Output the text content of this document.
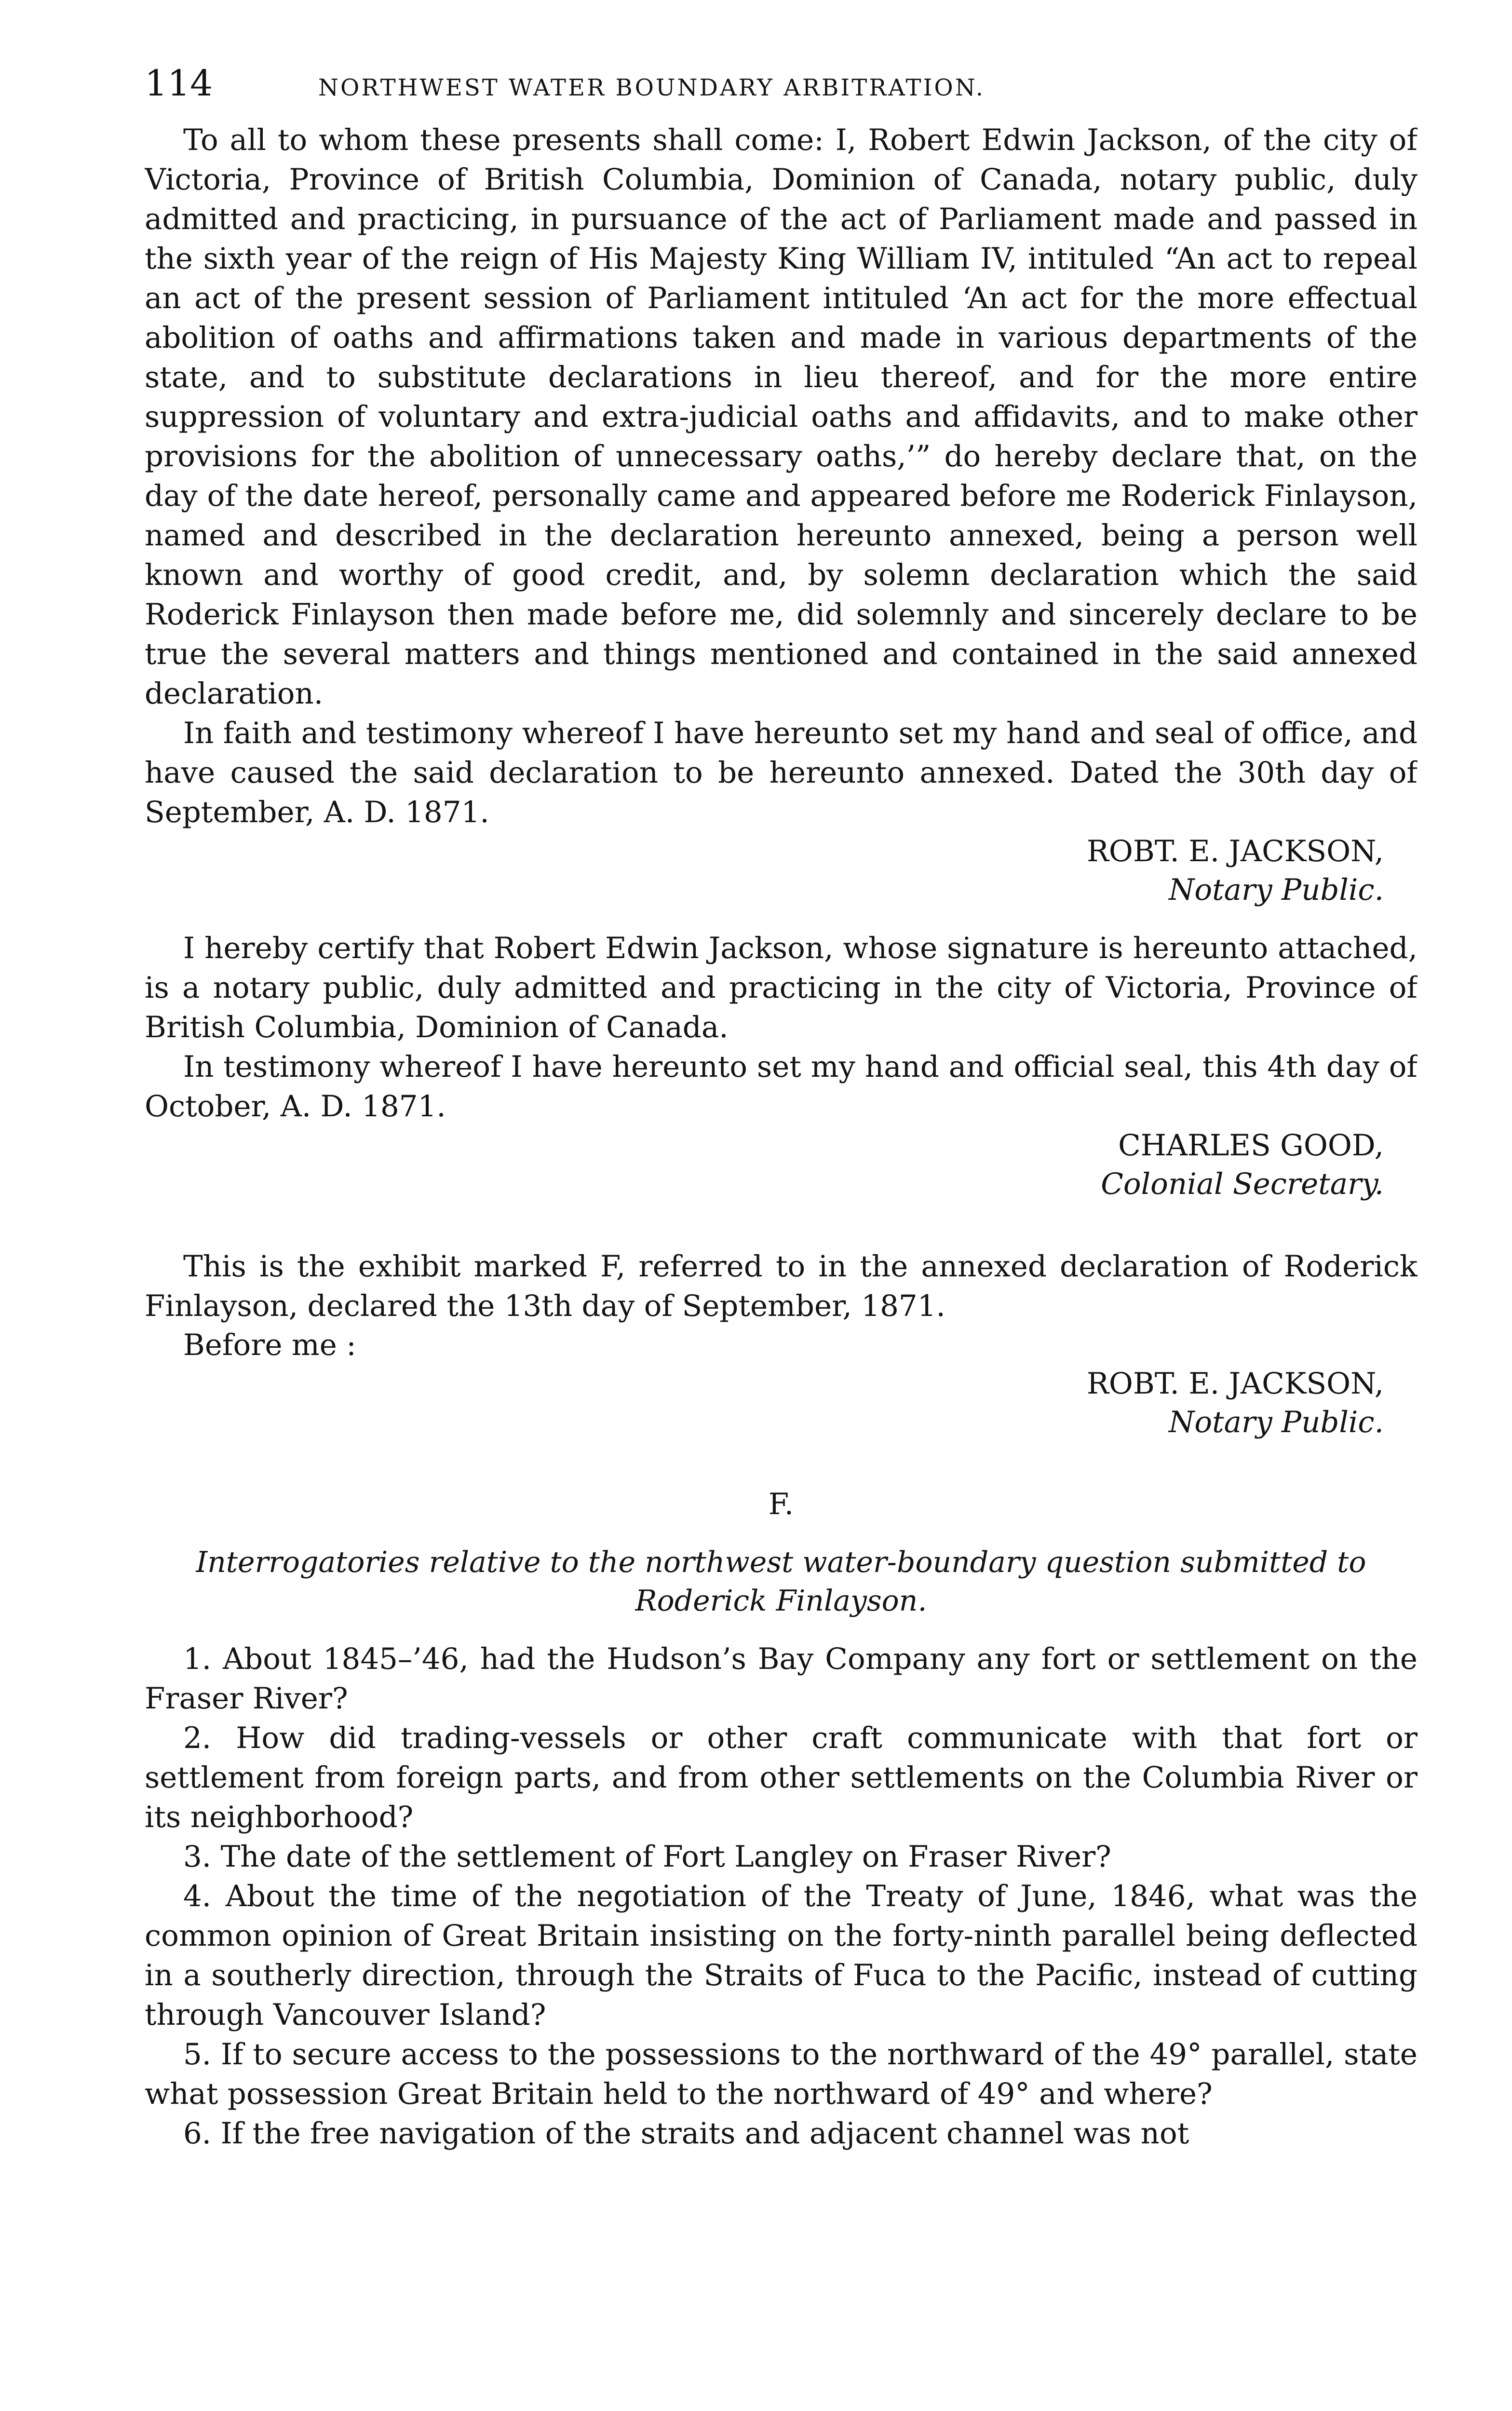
114	NORTHWEST WATER BOUNDARY ARBITRATION.

To all to whom these presents shall come: I, Robert Edwin Jackson, of the city of Victoria, Province of British Columbia, Dominion of Canada, notary public, duly admitted and practicing, in pursuance of the act of Parliament made and passed in the sixth year of the reign of His Majesty King William IV, intituled “An act to repeal an act of the present session of Parliament intituled ‘An act for the more effectual abolition of oaths and affirmations taken and made in various departments of the state, and to substitute declarations in lieu thereof, and for the more entire suppression of voluntary and extra-judicial oaths and affidavits, and to make other provisions for the abolition of unnecessary oaths,’” do hereby declare that, on the day of the date hereof, personally came and appeared before me Roderick Finlayson, named and described in the declaration hereunto annexed, being a person well known and worthy of good credit, and, by solemn declaration which the said Roderick Finlayson then made before me, did solemnly and sincerely declare to be true the several matters and things mentioned and contained in the said annexed declaration.

In faith and testimony whereof I have hereunto set my hand and seal of office, and have caused the said declaration to be hereunto annexed. Dated the 30th day of September, A. D. 1871.

ROBT. E. JACKSON,

Notary Public.

I hereby certify that Robert Edwin Jackson, whose signature is hereunto attached, is a notary public, duly admitted and practicing in the city of Victoria, Province of British Columbia, Dominion of Canada.

In testimony whereof I have hereunto set my hand and official seal, this 4th day of October, A. D. 1871.

CHARLES GOOD,

Colonial Secretary.

This is the exhibit marked F, referred to in the annexed declaration of Roderick Finlayson, declared the 13th day of September, 1871.

Before me :

ROBT. E. JACKSON,

Notary Public.

F.

Interrogatories relative to the northwest water-boundary question submitted to Roderick Finlayson.

1. About 1845–’46, had the Hudson’s Bay Company any fort or settlement on the Fraser River?

2. How did trading-vessels or other craft communicate with that fort or settlement from foreign parts, and from other settlements on the Columbia River or its neighborhood?

3. The date of the settlement of Fort Langley on Fraser River?

4. About the time of the negotiation of the Treaty of June, 1846, what was the common opinion of Great Britain insisting on the forty-ninth parallel being deflected in a southerly direction, through the Straits of Fuca to the Pacific, instead of cutting through Vancouver Island?

5. If to secure access to the possessions to the northward of the 49° parallel, state what possession Great Britain held to the northward of 49° and where?

6. If the free navigation of the straits and adjacent channel was not
